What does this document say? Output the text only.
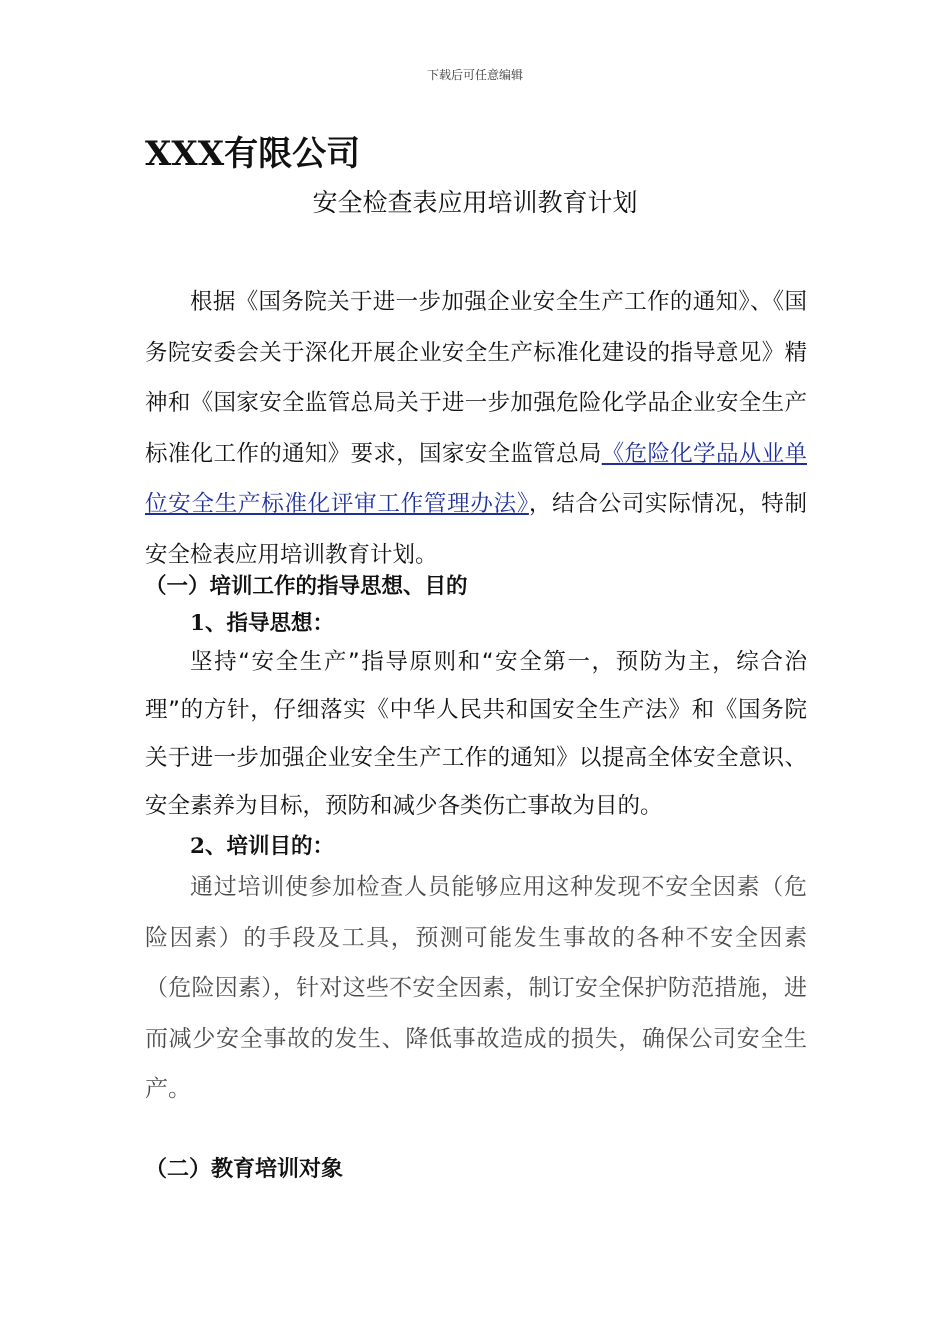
下载后可任意编辑
XXX有限公司
安全检查表应用培训教育计划
根据《国务院关于进一步加强企业安全生产工作的通知》、《国务院安委会关于深化开展企业安全生产标准化建设的指导意见》精神和《国家安全监管总局关于进一步加强危险化学品企业安全生产标准化工作的通知》要求，国家安全监管总局《危险化学品从业单位安全生产标准化评审工作管理办法》，结合公司实际情况，特制安全检表应用培训教育计划。
（一）培训工作的指导思想、目的
1、指导思想：
坚持“安全生产”指导原则和“安全第一，预防为主，综合治理”的方针，仔细落实《中华人民共和国安全生产法》和《国务院关于进一步加强企业安全生产工作的通知》以提高全体安全意识、安全素养为目标，预防和减少各类伤亡事故为目的。
2、培训目的：
通过培训使参加检查人员能够应用这种发现不安全因素（危险因素）的手段及工具，预测可能发生事故的各种不安全因素（危险因素），针对这些不安全因素，制订安全保护防范措施，进而减少安全事故的发生、降低事故造成的损失，确保公司安全生产。
（二）教育培训对象
